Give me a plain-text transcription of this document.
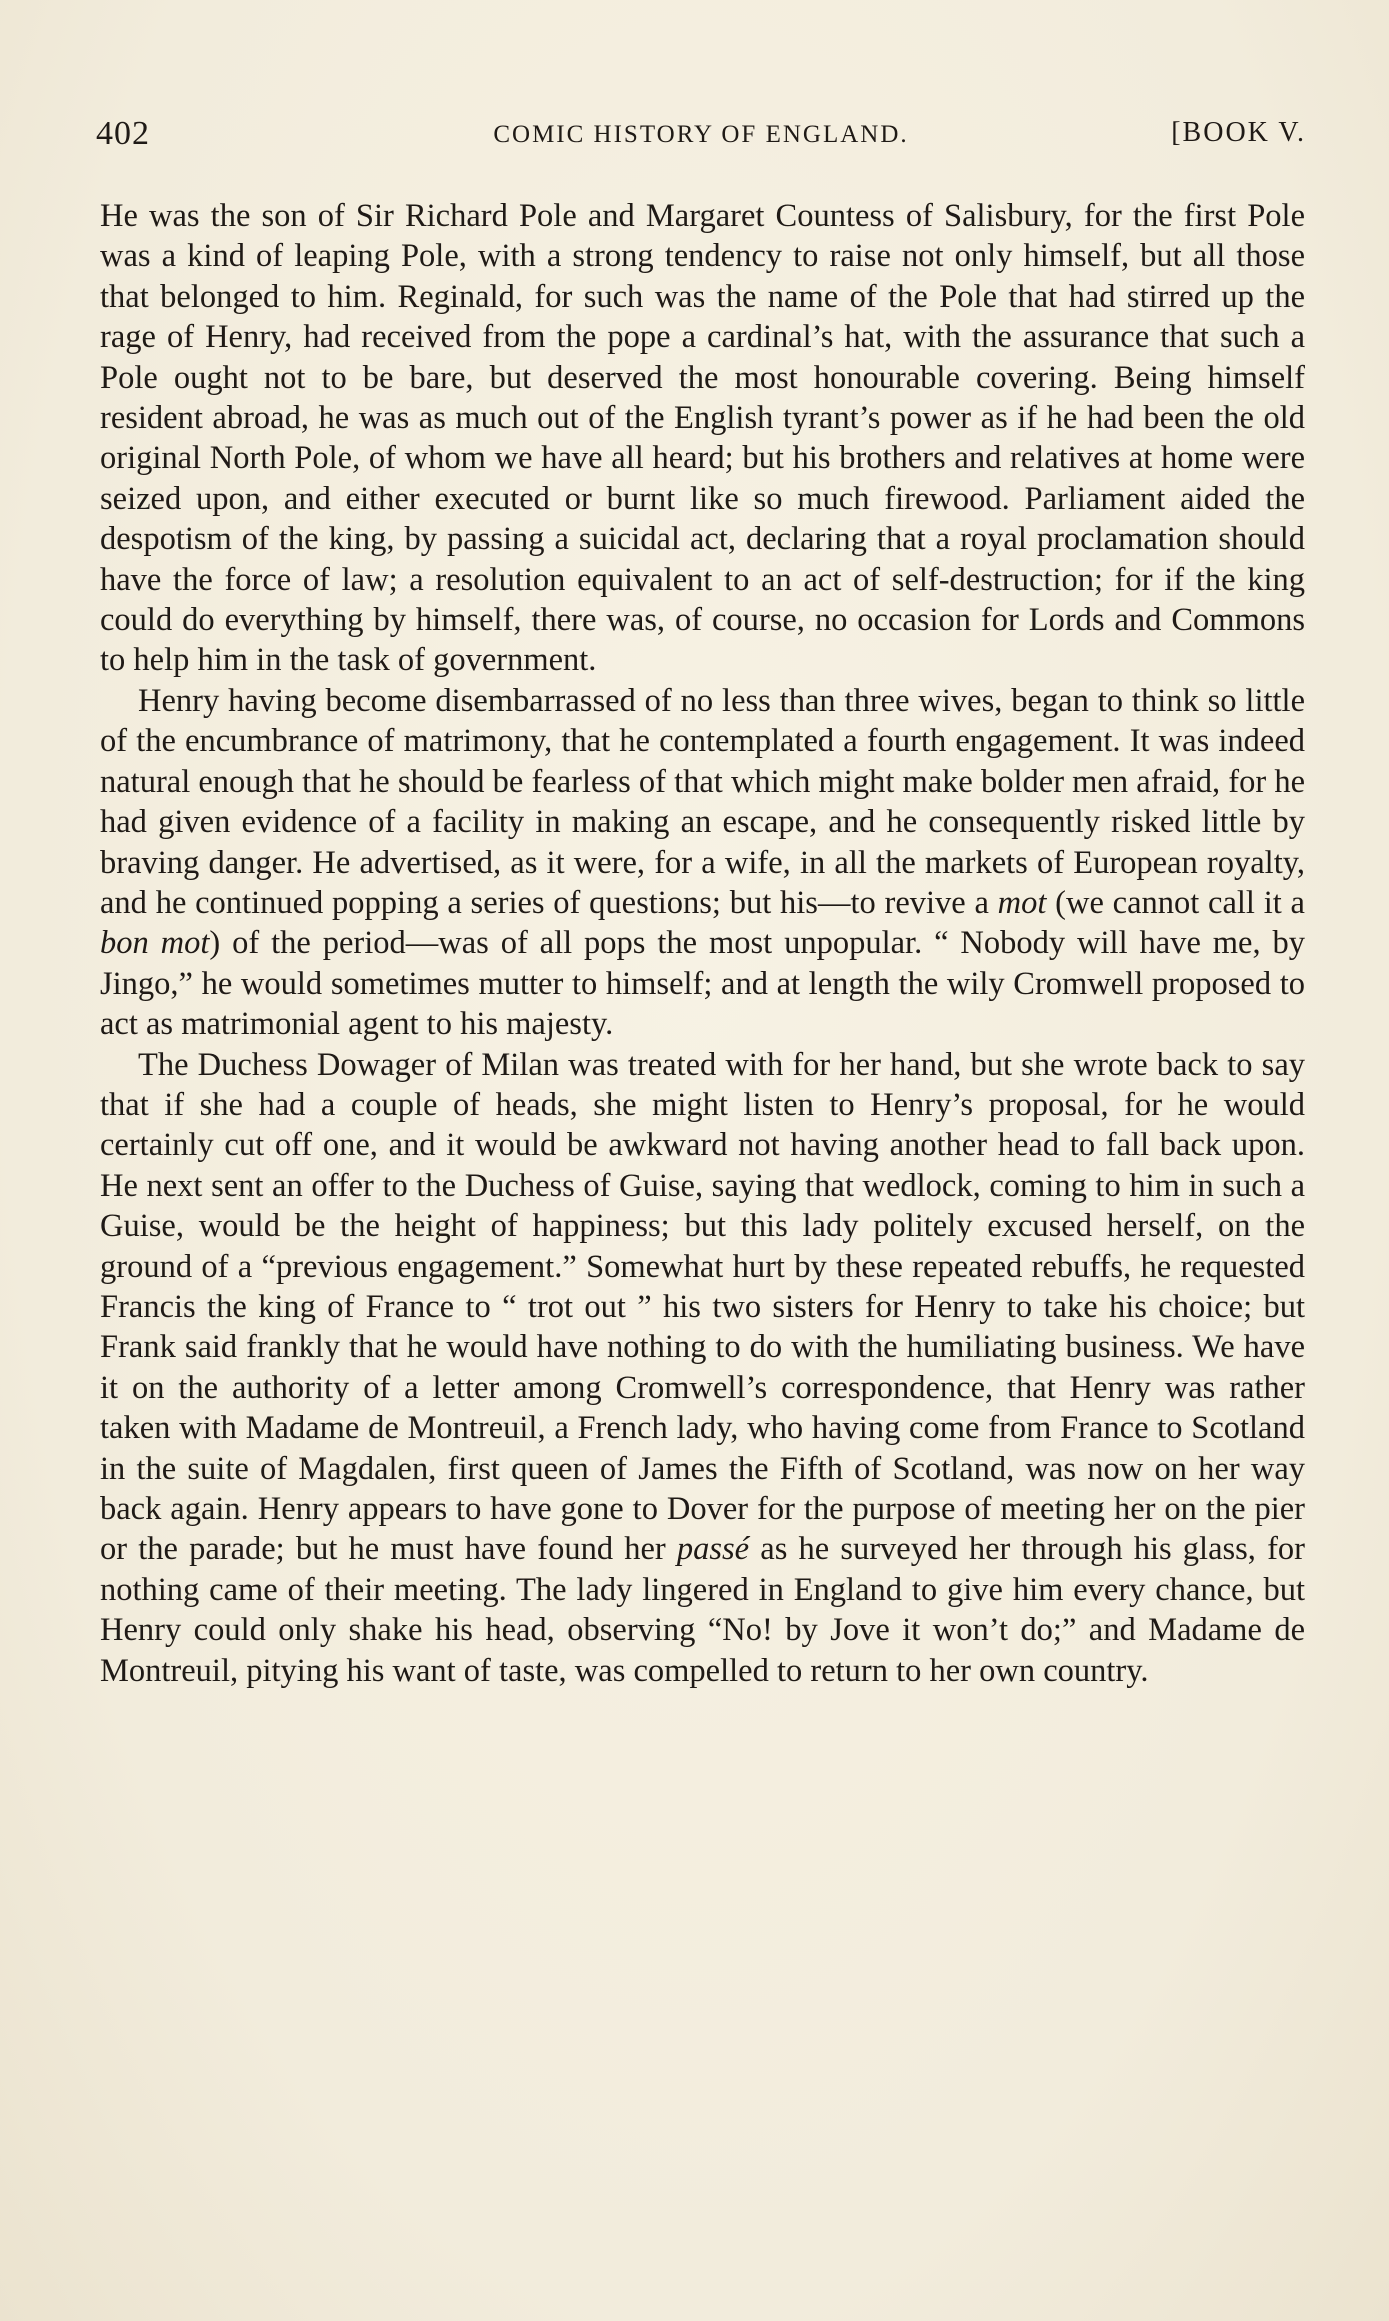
402	COMIC HISTORY OF ENGLAND.	[BOOK V.

He was the son of Sir Richard Pole and Margaret Countess of Salisbury, for the first Pole was a kind of leaping Pole, with a strong tendency to raise not only himself, but all those that belonged to him. Reginald, for such was the name of the Pole that had stirred up the rage of Henry, had received from the pope a cardinal’s hat, with the assurance that such a Pole ought not to be bare, but deserved the most honourable covering. Being himself resident abroad, he was as much out of the English tyrant’s power as if he had been the old original North Pole, of whom we have all heard; but his brothers and relatives at home were seized upon, and either executed or burnt like so much firewood. Parliament aided the despotism of the king, by passing a suicidal act, declaring that a royal proclamation should have the force of law; a resolution equivalent to an act of self-destruction; for if the king could do everything by himself, there was, of course, no occasion for Lords and Commons to help him in the task of government.

Henry having become disembarrassed of no less than three wives, began to think so little of the encumbrance of matrimony, that he contemplated a fourth engagement. It was indeed natural enough that he should be fearless of that which might make bolder men afraid, for he had given evidence of a facility in making an escape, and he consequently risked little by braving danger. He advertised, as it were, for a wife, in all the markets of European royalty, and he continued popping a series of questions; but his—to revive a mot (we cannot call it a bon mot) of the period—was of all pops the most unpopular. “ Nobody will have me, by Jingo,” he would sometimes mutter to himself; and at length the wily Cromwell proposed to act as matrimonial agent to his majesty.

The Duchess Dowager of Milan was treated with for her hand, but she wrote back to say that if she had a couple of heads, she might listen to Henry’s proposal, for he would certainly cut off one, and it would be awkward not having another head to fall back upon. He next sent an offer to the Duchess of Guise, saying that wedlock, coming to him in such a Guise, would be the height of happiness; but this lady politely excused herself, on the ground of a “previous engagement.” Somewhat hurt by these repeated rebuffs, he requested Francis the king of France to “ trot out ” his two sisters for Henry to take his choice; but Frank said frankly that he would have nothing to do with the humiliating business. We have it on the authority of a letter among Cromwell’s correspondence, that Henry was rather taken with Madame de Montreuil, a French lady, who having come from France to Scotland in the suite of Magdalen, first queen of James the Fifth of Scotland, was now on her way back again. Henry appears to have gone to Dover for the purpose of meeting her on the pier or the parade; but he must have found her passé as he surveyed her through his glass, for nothing came of their meeting. The lady lingered in England to give him every chance, but Henry could only shake his head, observing “No! by Jove it won’t do;” and Madame de Montreuil, pitying his want of taste, was compelled to return to her own country.
